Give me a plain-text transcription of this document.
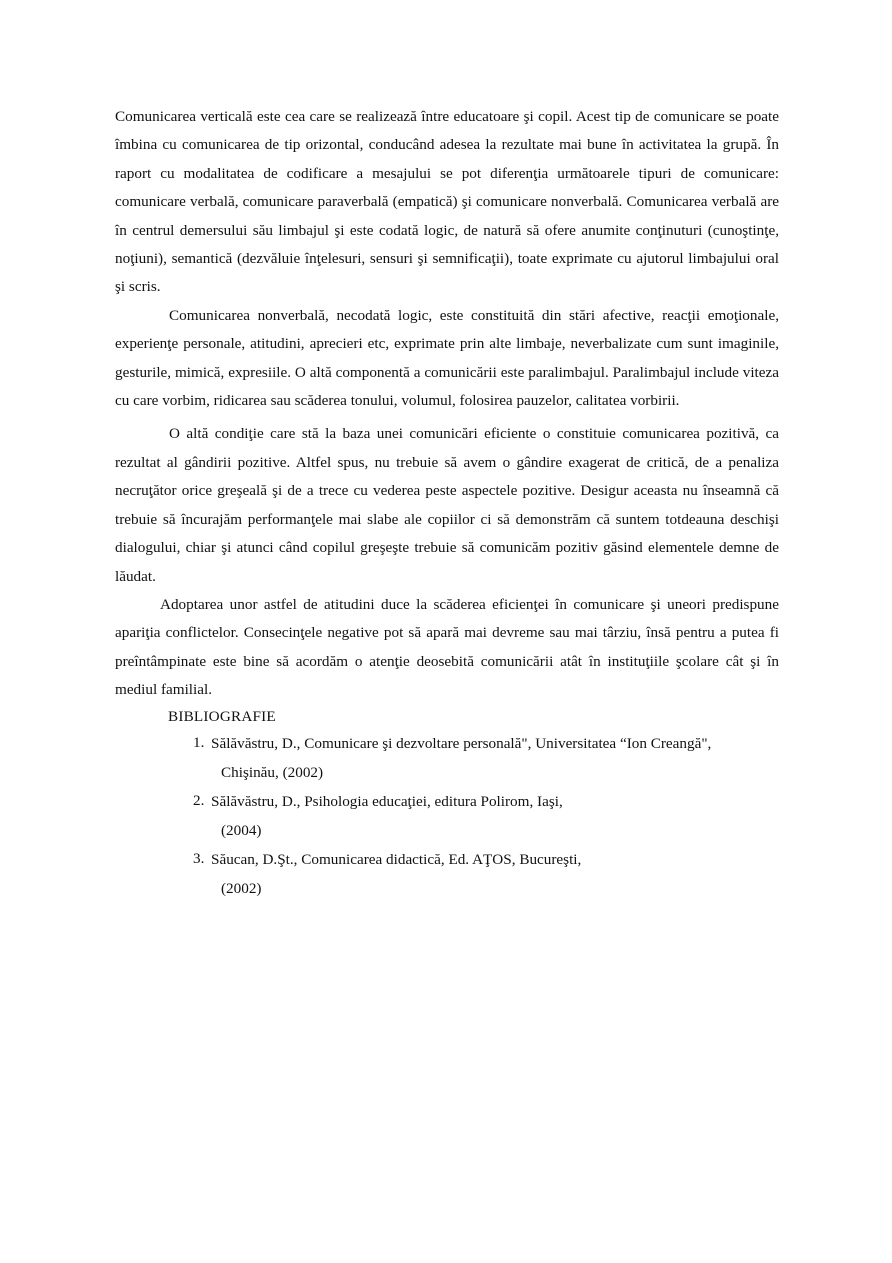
Comunicarea verticală este cea care se realizează între educatoare şi copil. Acest tip de comunicare se poate îmbina cu comunicarea de tip orizontal, conducând adesea la rezultate mai bune în activitatea la grupă. În raport cu modalitatea de codificare a mesajului se pot diferenţia următoarele tipuri de comunicare: comunicare verbală, comunicare paraverbală (empatică) şi comunicare nonverbală. Comunicarea verbală are în centrul demersului său limbajul şi este codată logic, de natură să ofere anumite conţinuturi (cunoştinţe, noţiuni), semantică (dezvăluie înţelesuri, sensuri şi semnificaţii), toate exprimate cu ajutorul limbajului oral şi scris.

Comunicarea nonverbală, necodată logic, este constituită din stări afective, reacţii emoţionale, experienţe personale, atitudini, aprecieri etc, exprimate prin alte limbaje, neverbalizate cum sunt imaginile, gesturile, mimică, expresiile. O altă componentă a comunicării este paralimbajul. Paralimbajul include viteza cu care vorbim, ridicarea sau scăderea tonului, volumul, folosirea pauzelor, calitatea vorbirii.

O altă condiţie care stă la baza unei comunicări eficiente o constituie comunicarea pozitivă, ca rezultat al gândirii pozitive. Altfel spus, nu trebuie să avem o gândire exagerat de critică, de a penaliza necruţător orice greşeală şi de a trece cu vederea peste aspectele pozitive. Desigur aceasta nu înseamnă că trebuie să încurajăm performanţele mai slabe ale copiilor ci să demonstrăm că suntem totdeauna deschişi dialogului, chiar şi atunci când copilul greşeşte trebuie să comunicăm pozitiv găsind elementele demne de lăudat.

Adoptarea unor astfel de atitudini duce la scăderea eficienţei în comunicare şi uneori predispune apariţia conflictelor. Consecinţele negative pot să apară mai devreme sau mai târziu, însă pentru a putea fi preîntâmpinate este bine să acordăm o atenţie deosebită comunicării atât în instituţiile şcolare cât şi în mediul familial.

BIBLIOGRAFIE

1. Sălăvăstru, D., Comunicare şi dezvoltare personală", Universitatea “Ion Creangă",
Chişinău, (2002)
2. Sălăvăstru, D., Psihologia educaţiei, editura Polirom, Iaşi,
(2004)
3. Săucan, D.Şt., Comunicarea didactică, Ed. AŢOS, Bucureşti,
(2002)
